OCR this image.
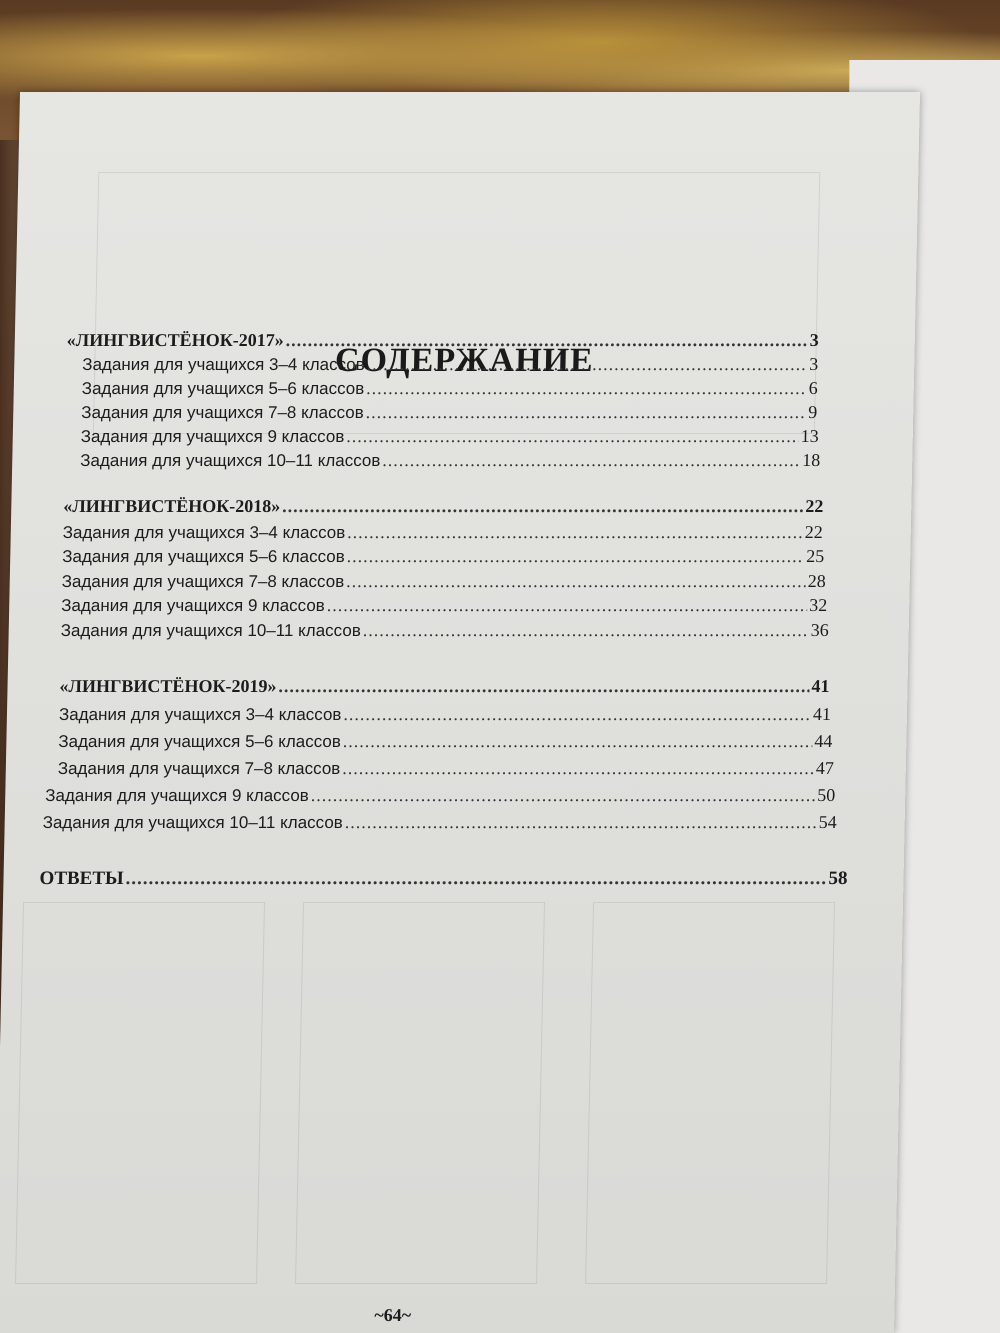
СОДЕРЖАНИЕ
«ЛИНГВИСТЁНОК-2017» .....	3
Задания для учащихся 3–4 классов .....	3
Задания для учащихся 5–6 классов .....	6
Задания для учащихся 7–8 классов .....	9
Задания для учащихся 9 классов .....	13
Задания для учащихся 10–11 классов .....	18
«ЛИНГВИСТЁНОК-2018» .....	22
Задания для учащихся 3–4 классов .....	22
Задания для учащихся 5–6 классов .....	25
Задания для учащихся 7–8 классов .....	28
Задания для учащихся 9 классов .....	32
Задания для учащихся 10–11 классов .....	36
«ЛИНГВИСТЁНОК-2019» .....	41
Задания для учащихся 3–4 классов .....	41
Задания для учащихся 5–6 классов .....	44
Задания для учащихся 7–8 классов .....	47
Задания для учащихся 9 классов .....	50
Задания для учащихся 10–11 классов .....	54
ОТВЕТЫ .....	58
~64~
